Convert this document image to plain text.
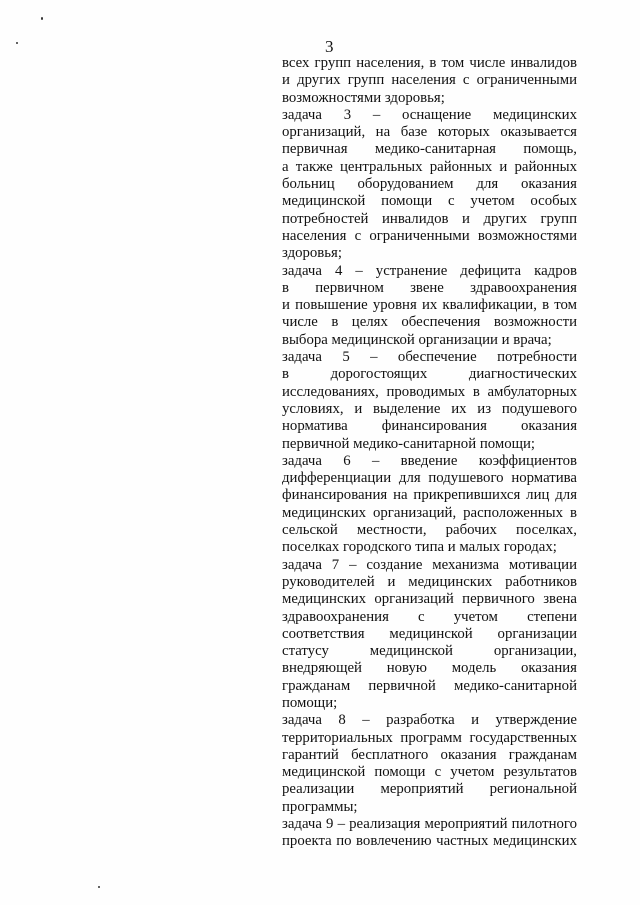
3
всех групп населения, в том числе инвалидов
и других групп населения с ограниченными
возможностями здоровья;
задача 3 – оснащение медицинских
организаций, на базе которых оказывается
первичная медико-санитарная помощь,
а также центральных районных и районных
больниц оборудованием для оказания
медицинской помощи с учетом особых
потребностей инвалидов и других групп
населения с ограниченными возможностями
здоровья;
задача 4 – устранение дефицита кадров
в первичном звене здравоохранения
и повышение уровня их квалификации, в том
числе в целях обеспечения возможности
выбора медицинской организации и врача;
задача 5 – обеспечение потребности
в дорогостоящих диагностических
исследованиях, проводимых в амбулаторных
условиях, и выделение их из подушевого
норматива финансирования оказания
первичной медико-санитарной помощи;
задача 6 – введение коэффициентов
дифференциации для подушевого норматива
финансирования на прикрепившихся лиц для
медицинских организаций, расположенных в
сельской местности, рабочих поселках,
поселках городского типа и малых городах;
задача 7 – создание механизма мотивации
руководителей и медицинских работников
медицинских организаций первичного звена
здравоохранения с учетом степени
соответствия медицинской организации
статусу медицинской организации,
внедряющей новую модель оказания
гражданам первичной медико-санитарной
помощи;
задача 8 – разработка и утверждение
территориальных программ государственных
гарантий бесплатного оказания гражданам
медицинской помощи с учетом результатов
реализации мероприятий региональной
программы;
задача 9 – реализация мероприятий пилотного
проекта по вовлечению частных медицинских
